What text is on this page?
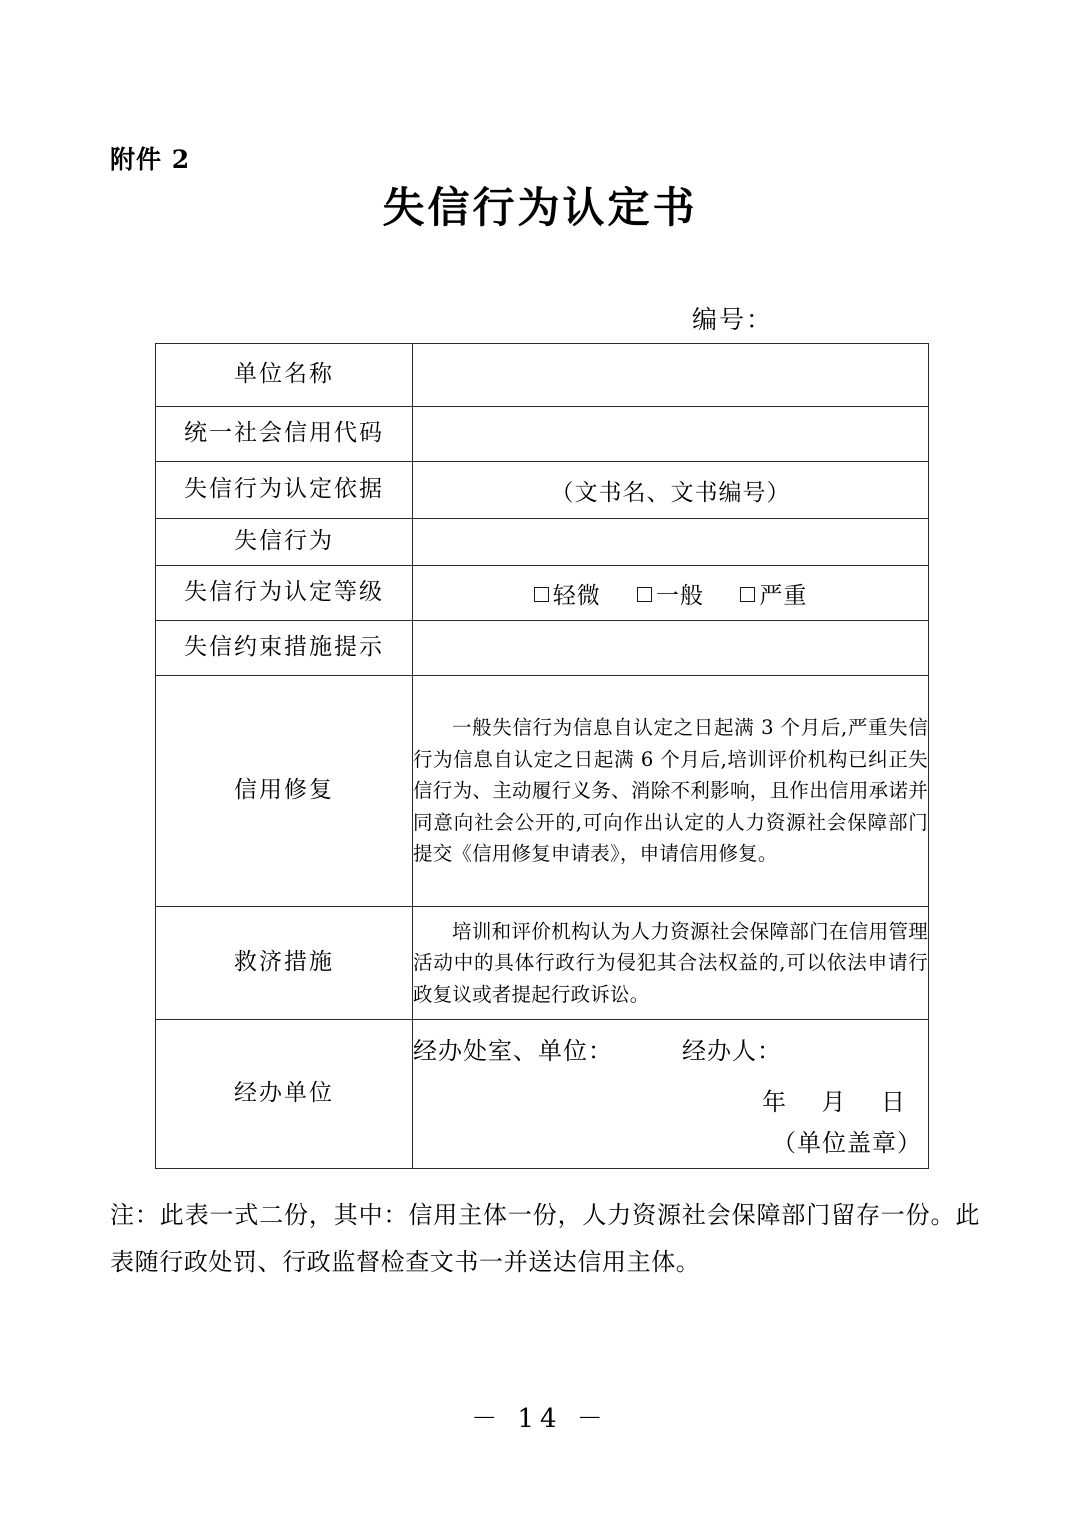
附件 2
失信行为认定书
编号：
单位名称	
统一社会信用代码	
失信行为认定依据	（文书名、文书编号）
失信行为	
失信行为认定等级	轻微 一般 严重

失信约束措施提示	
信用修复	一般失信行为信息自认定之日起满 3 个月后,严重失信行为信息自认定之日起满 6 个月后,培训评价机构已纠正失信行为、主动履行义务、消除不利影响，且作出信用承诺并同意向社会公开的,可向作出认定的人力资源社会保障部门提交《信用修复申请表》，申请信用修复。

救济措施	培训和评价机构认为人力资源社会保障部门在信用管理活动中的具体行政行为侵犯其合法权益的,可以依法申请行政复议或者提起行政诉讼。

经办单位	经办处室、单位：        经办人：
年    月    日
（单位盖章）
注：此表一式二份，其中：信用主体一份，人力资源社会保障部门留存一份。此表随行政处罚、行政监督检查文书一并送达信用主体。
－ 14 －
